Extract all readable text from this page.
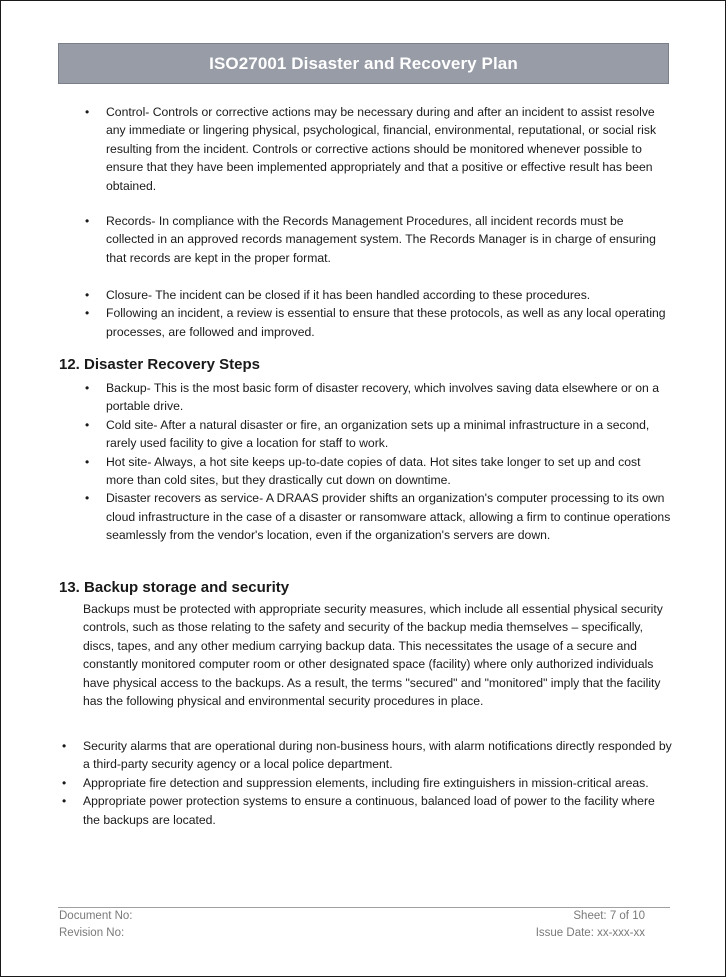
ISO27001 Disaster and Recovery Plan
• Control- Controls or corrective actions may be necessary during and after an incident to assist resolve any immediate or lingering physical, psychological, financial, environmental, reputational, or social risk resulting from the incident. Controls or corrective actions should be monitored whenever possible to ensure that they have been implemented appropriately and that a positive or effective result has been obtained.
• Records- In compliance with the Records Management Procedures, all incident records must be collected in an approved records management system. The Records Manager is in charge of ensuring that records are kept in the proper format.
• Closure- The incident can be closed if it has been handled according to these procedures.
• Following an incident, a review is essential to ensure that these protocols, as well as any local operating processes, are followed and improved.
12. Disaster Recovery Steps
• Backup- This is the most basic form of disaster recovery, which involves saving data elsewhere or on a portable drive.
• Cold site- After a natural disaster or fire, an organization sets up a minimal infrastructure in a second, rarely used facility to give a location for staff to work.
• Hot site- Always, a hot site keeps up-to-date copies of data. Hot sites take longer to set up and cost more than cold sites, but they drastically cut down on downtime.
• Disaster recovers as service- A DRAAS provider shifts an organization's computer processing to its own cloud infrastructure in the case of a disaster or ransomware attack, allowing a firm to continue operations seamlessly from the vendor's location, even if the organization's servers are down.
13. Backup storage and security
Backups must be protected with appropriate security measures, which include all essential physical security controls, such as those relating to the safety and security of the backup media themselves – specifically, discs, tapes, and any other medium carrying backup data. This necessitates the usage of a secure and constantly monitored computer room or other designated space (facility) where only authorized individuals have physical access to the backups. As a result, the terms "secured" and "monitored" imply that the facility has the following physical and environmental security procedures in place.
• Security alarms that are operational during non-business hours, with alarm notifications directly responded by a third-party security agency or a local police department.
• Appropriate fire detection and suppression elements, including fire extinguishers in mission-critical areas.
• Appropriate power protection systems to ensure a continuous, balanced load of power to the facility where the backups are located.
Document No:
Revision No:
Sheet: 7 of 10
Issue Date: xx-xxx-xx
